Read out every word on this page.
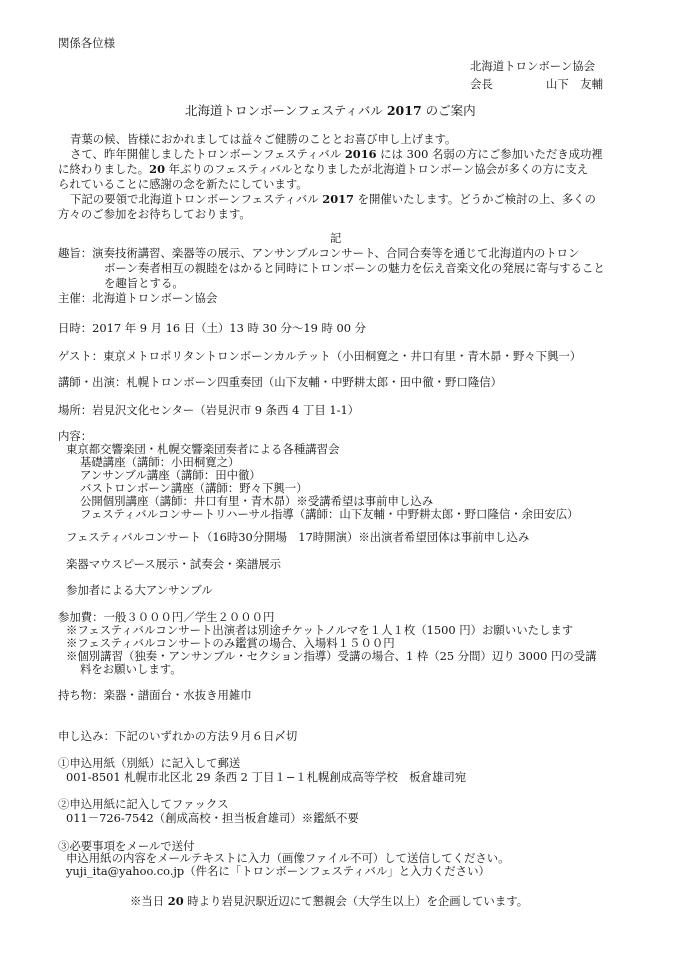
関係各位様
北海道トロンボーン協会
会長	山下　友輔
北海道トロンボーンフェスティバル 2017 のご案内
青葉の候、皆様におかれましては益々ご健勝のこととお喜び申し上げます。
さて、昨年開催しましたトロンボーンフェスティバル 2016 には 300 名弱の方にご参加いただき成功裡
に終わりました。20 年ぶりのフェスティバルとなりましたが北海道トロンボーン協会が多くの方に支え
られていることに感謝の念を新たにしています。
下記の要領で北海道トロンボーンフェスティバル 2017 を開催いたします。どうかご検討の上、多くの
方々のご参加をお待ちしております。
記
趣旨：演奏技術講習、楽器等の展示、アンサンブルコンサート、合同合奏等を通じて北海道内のトロン
ボーン奏者相互の親睦をはかると同時にトロンボーンの魅力を伝え音楽文化の発展に寄与すること
を趣旨とする。
主催：北海道トロンボーン協会
日時：2017 年 9 月 16 日（土）13 時 30 分～19 時 00 分
ゲスト：東京メトロポリタントロンボーンカルテット（小田桐寛之・井口有里・青木昴・野々下興一）
講師・出演：札幌トロンボーン四重奏団（山下友輔・中野耕太郎・田中徹・野口隆信）
場所：岩見沢文化センター（岩見沢市 9 条西 4 丁目 1-1）
内容：
東京都交響楽団・札幌交響楽団奏者による各種講習会
基礎講座（講師：小田桐寛之）
アンサンブル講座（講師：田中徹）
バストロンボーン講座（講師：野々下興一）
公開個別講座（講師：井口有里・青木昴）※受講希望は事前申し込み
フェスティバルコンサートリハーサル指導（講師：山下友輔・中野耕太郎・野口隆信・余田安広）
フェスティバルコンサート（16時30分開場　17時開演）※出演者希望団体は事前申し込み
楽器マウスピース展示・試奏会・楽譜展示
参加者による大アンサンブル
参加費：一般３０００円／学生２０００円
※フェスティバルコンサート出演者は別途チケットノルマを１人１枚（1500 円）お願いいたします
※フェスティバルコンサートのみ鑑賞の場合、入場料１５００円
※個別講習（独奏・アンサンブル・セクション指導）受講の場合、1 枠（25 分間）辺り 3000 円の受講
料をお願いします。
持ち物：楽器・譜面台・水抜き用雑巾
申し込み：下記のいずれかの方法９月６日〆切
①申込用紙（別紙）に記入して郵送
001-8501 札幌市北区北 29 条西 2 丁目１−１札幌創成高等学校　板倉雄司宛
②申込用紙に記入してファックス
011－726-7542（創成高校・担当板倉雄司）※鑑紙不要
③必要事項をメールで送付
申込用紙の内容をメールテキストに入力（画像ファイル不可）して送信してください。
yuji_ita@yahoo.co.jp（件名に「トロンボーンフェスティバル」と入力ください）
※当日 20 時より岩見沢駅近辺にて懇親会（大学生以上）を企画しています。
